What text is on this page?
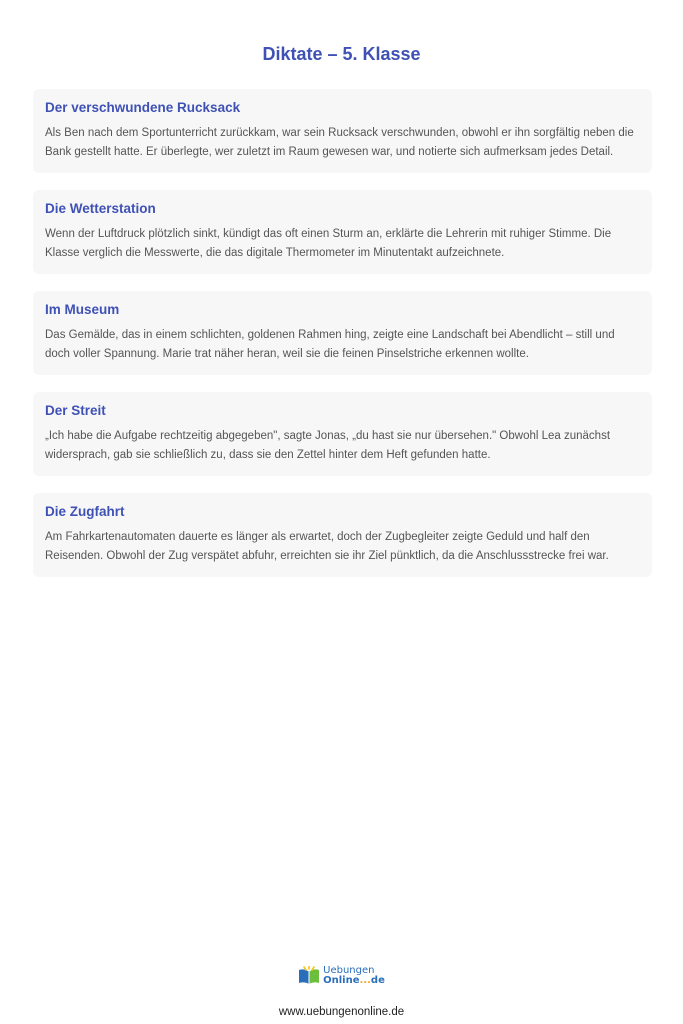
Diktate – 5. Klasse
Der verschwundene Rucksack

Als Ben nach dem Sportunterricht zurückkam, war sein Rucksack verschwunden, obwohl er ihn sorgfältig neben die Bank gestellt hatte. Er überlegte, wer zuletzt im Raum gewesen war, und notierte sich aufmerksam jedes Detail.

Die Wetterstation

Wenn der Luftdruck plötzlich sinkt, kündigt das oft einen Sturm an, erklärte die Lehrerin mit ruhiger Stimme. Die Klasse verglich die Messwerte, die das digitale Thermometer im Minutentakt aufzeichnete.

Im Museum

Das Gemälde, das in einem schlichten, goldenen Rahmen hing, zeigte eine Landschaft bei Abendlicht – still und doch voller Spannung. Marie trat näher heran, weil sie die feinen Pinselstriche erkennen wollte.

Der Streit

„Ich habe die Aufgabe rechtzeitig abgegeben", sagte Jonas, „du hast sie nur übersehen." Obwohl Lea zunächst widersprach, gab sie schließlich zu, dass sie den Zettel hinter dem Heft gefunden hatte.

Die Zugfahrt

Am Fahrkartenautomaten dauerte es länger als erwartet, doch der Zugbegleiter zeigte Geduld und half den Reisenden. Obwohl der Zug verspätet abfuhr, erreichten sie ihr Ziel pünktlich, da die Anschlussstrecke frei war.

Uebungen
Online...de
www.uebungenonline.de
